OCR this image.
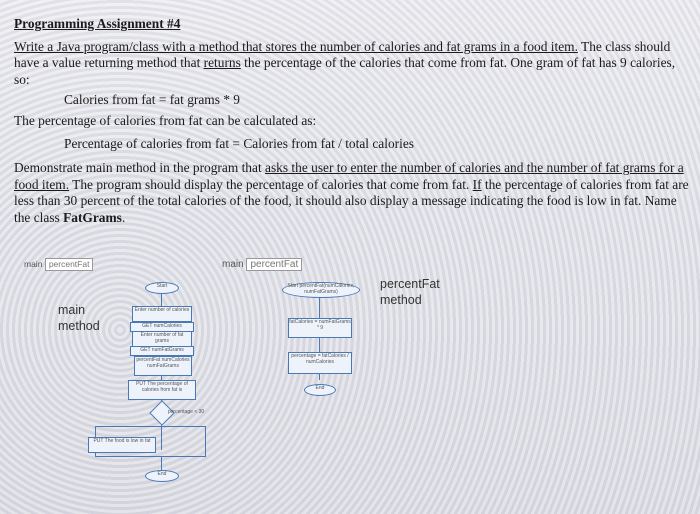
Programming Assignment #4

Write a Java program/class with a method that stores the number of calories and fat grams in a food item. The class should have a value returning method that returns the percentage of the calories that come from fat. One gram of fat has 9 calories, so:

Calories from fat = fat grams * 9

The percentage of calories from fat can be calculated as:

Percentage of calories from fat = Calories from fat / total calories

Demonstrate main method in the program that asks the user to enter the number of calories and the number of fat grams for a food item. The program should display the percentage of calories that come from fat. If the percentage of calories from fat are less than 30 percent of the total calories of the food, it should also display a message indicating the food is low in fat. Name the class FatGrams.

main percentFat	main percentFat
main
method
percentFat
method
Start
Enter number of calories
GET numCalories
Enter number of fat grams
GET numFatGrams
percentFat numCalories numFatGrams
PUT The percentage of calories from fat is
percentage < 30
PUT The food is low in fat
End
Start percentFat(numCalories, numFatGrams)
fatCalories = numFatGrams * 9
percentage = fatCalories / numCalories
End
